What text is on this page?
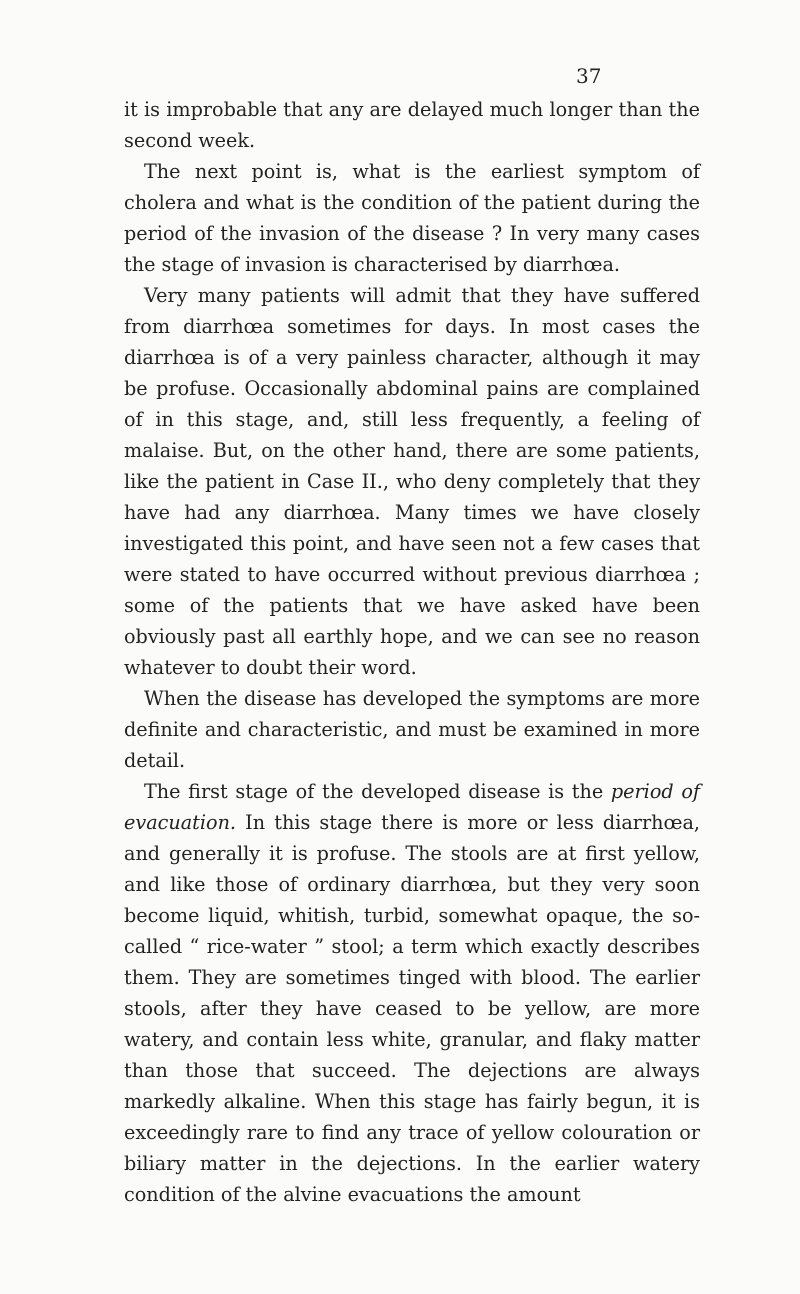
37

it is improbable that any are delayed much longer than the second week.

The next point is, what is the earliest symptom of cholera and what is the condition of the patient during the period of the invasion of the disease ? In very many cases the stage of invasion is characterised by diarrhœa.

Very many patients will admit that they have suffered from diarrhœa sometimes for days. In most cases the diarrhœa is of a very painless character, although it may be profuse. Occasionally abdominal pains are complained of in this stage, and, still less frequently, a feeling of malaise. But, on the other hand, there are some patients, like the patient in Case II., who deny completely that they have had any diarrhœa. Many times we have closely investigated this point, and have seen not a few cases that were stated to have occurred without previous diarrhœa ; some of the patients that we have asked have been obviously past all earthly hope, and we can see no reason whatever to doubt their word.

When the disease has developed the symptoms are more definite and characteristic, and must be examined in more detail.

The first stage of the developed disease is the period of evacuation. In this stage there is more or less diarrhœa, and generally it is profuse. The stools are at first yellow, and like those of ordinary diarrhœa, but they very soon become liquid, whitish, turbid, somewhat opaque, the so-called “ rice-water ” stool; a term which exactly describes them. They are sometimes tinged with blood. The earlier stools, after they have ceased to be yellow, are more watery, and contain less white, granular, and flaky matter than those that succeed. The dejections are always markedly alkaline. When this stage has fairly begun, it is exceedingly rare to find any trace of yellow colouration or biliary matter in the dejections. In the earlier watery condition of the alvine evacuations the amount
